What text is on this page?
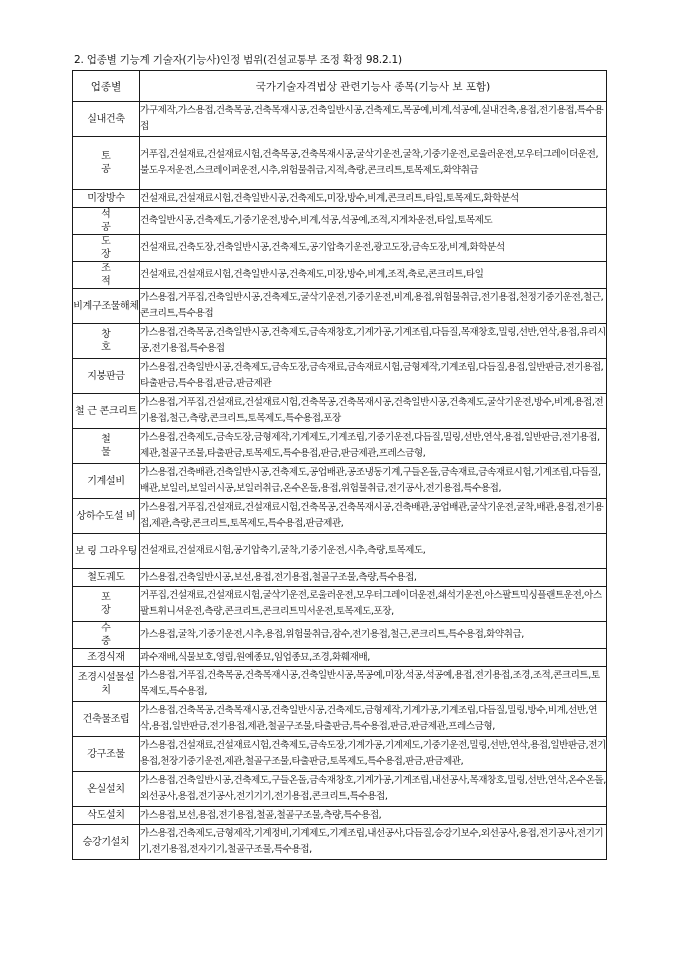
2. 업종별 기능계 기술자(기능사)인정 범위(건설교통부 조정 확정 98.2.1)
업종별	국가기술자격법상 관련기능사 종목(기능사 보 포함)
실내건축	가구제작,가스용접,건축목공,건축목재시공,건축일반시공,건축제도,목공예,비계,석공예,실내건축,용접,전기용접,특수용접
토 공	거푸집,건설재료,건설재료시험,건축목공,건축목재시공,굴삭기운전,굴착,기중기운전,로울러운전,모우터그레이더운전,불도우저운전,스크레이퍼운전,시추,위험물취급,지적,측량,콘크리트,토목제도,화약취급
미장방수	건설재료,건설재료시험,건축일반시공,건축제도,미장,방수,비계,콘크리트,타일,토목제도,화학분석
석 공	건축일반시공,건축제도,기중기운전,방수,비계,석공,석공예,조적,지게차운전,타일,토목제도
도 장	건설재료,건축도장,건축일반시공,건축제도,공기압축기운전,광고도장,금속도장,비계,화학분석
조 적	건설재료,건설재료시험,건축일반시공,건축제도,미장,방수,비계,조적,축로,콘크리트,타일
비계구조물해체	가스용접,거푸집,건축일반시공,건축제도,굴삭기운전,기중기운전,비계,용접,위험물취급,전기용접,천정기중기운전,철근,콘크리트,특수용접
창 호	가스용접,건축목공,건축일반시공,건축제도,금속재창호,기계가공,기계조립,다듬질,목재창호,밀링,선반,연삭,용접,유리시공,전기용접,특수용접
지붕판금	가스용접,건축일반시공,건축제도,금속도장,금속재료,금속재료시험,금형제작,기계조립,다듬질,용접,일반판금,전기용접,타출판금,특수용접,판금,판금제관
철 근 콘크리트	가스용접,거푸집,건설재료,건설재료시험,건축목공,건축목재시공,건축일반시공,건축제도,굴삭기운전,방수,비계,용접,전기용접,철근,측량,콘크리트,토목제도,특수용접,포장
철 물	가스용접,건축제도,금속도장,금형제작,기계제도,기계조립,기중기운전,다듬질,밀링,선반,연삭,용접,일반판금,전기용접,제관,철골구조물,타출판금,토목제도,특수용접,판금,판금제관,프레스금형,
기계설비	가스용접,건축배관,건축일반시공,건축제도,공업배관,공조냉동기계,구들온돌,금속재료,금속재료시험,기계조립,다듬질,배관,보일러,보일러시공,보일러취급,온수온돌,용접,위험물취급,전기공사,전기용접,특수용접,
상하수도설 비	가스용접,거푸집,건설재료,건설재료시험,건축목공,건축목재시공,건축배관,공업배관,굴삭기운전,굴착,배관,용접,전기용접,제관,측량,콘크리트,토목제도,특수용접,판금제관,
보 링 그라우팅	건설재료,건설재료시험,공기압축기,굴착,기중기운전,시추,측량,토목제도,
철도궤도	가스용접,건축일반시공,보선,용접,전기용접,철골구조물,측량,특수용접,
포 장	거푸집,건설재료,건설재료시험,굴삭기운전,로울러운전,모우터그레이더운전,쇄석기운전,아스팔트믹싱플랜트운전,아스팔트휘니셔운전,측량,콘크리트,콘크리트믹서운전,토목제도,포장,
수 중	가스용접,굴착,기중기운전,시추,용접,위험물취급,잠수,전기용접,철근,콘크리트,특수용접,화약취급,
조경식재	과수재배,식물보호,영림,원예종묘,임업종묘,조경,화훼재배,
조경시설물설 치	가스용접,거푸집,건축목공,건축목재시공,건축일반시공,목공예,미장,석공,석공예,용접,전기용접,조경,조적,콘크리트,토목제도,특수용접,
건축물조립	가스용접,건축목공,건축목재시공,건축일반시공,건축제도,금형제작,기계가공,기계조립,다듬질,밀링,방수,비계,선반,연삭,용접,일반판금,전기용접,제관,철골구조물,타출판금,특수용접,판금,판금제관,프레스금형,
강구조물	가스용접,건설재료,건설재료시험,건축제도,금속도장,기계가공,기계제도,기중기운전,밀링,선반,연삭,용접,일반판금,전기용접,천장기중기운전,제관,철골구조물,타출판금,토목제도,특수용접,판금,판금제관,
온실설치	가스용접,건축일반시공,건축제도,구들온돌,금속재창호,기계가공,기계조립,내선공사,목재창호,밀링,선반,연삭,온수온돌,외선공사,용접,전기공사,전기기기,전기용접,콘크리트,특수용접,
삭도설치	가스용접,보선,용접,전기용접,철골,철골구조물,측량,특수용접,
승강기설치	가스용접,건축제도,금형제작,기계정비,기계제도,기계조립,내선공사,다듬질,승강기보수,외선공사,용접,전기공사,전기기기,전기용접,전자기기,철골구조물,특수용접,
